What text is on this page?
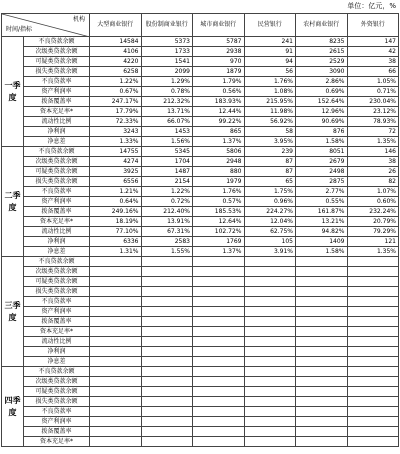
单位：亿元，%
机构
时间/指标		大型商业银行	股份制商业银行	城市商业银行	民营银行	农村商业银行	外资银行
一季度	不良贷款余额	14584	5373	5787	241	8235	147
	次级类贷款余额	4106	1733	2938	91	2615	42
	可疑类贷款余额	4220	1541	970	94	2529	38
	损失类贷款余额	6258	2099	1879	56	3090	66
	不良贷款率	1.22%	1.29%	1.79%	1.76%	2.86%	1.05%
	资产利润率	0.67%	0.78%	0.56%	1.08%	0.69%	0.71%
	拨备覆盖率	247.17%	212.32%	183.93%	215.95%	152.64%	230.04%
	资本充足率*	17.79%	13.71%	12.44%	11.98%	12.96%	23.12%
	流动性比例	72.33%	66.07%	99.22%	56.92%	90.69%	78.93%
	净利润	3243	1453	865	58	876	72
	净息差	1.33%	1.56%	1.37%	3.95%	1.58%	1.35%
二季度	不良贷款余额	14755	5345	5806	239	8051	146
	次级类贷款余额	4274	1704	2948	87	2679	38
	可疑类贷款余额	3925	1487	880	87	2498	26
	损失类贷款余额	6556	2154	1979	65	2875	82
	不良贷款率	1.21%	1.22%	1.76%	1.75%	2.77%	1.07%
	资产利润率	0.64%	0.72%	0.57%	0.96%	0.55%	0.60%
	拨备覆盖率	249.16%	212.40%	185.53%	224.27%	161.87%	232.24%
	资本充足率*	18.19%	13.91%	12.64%	12.04%	13.21%	20.79%
	流动性比例	77.10%	67.31%	102.72%	62.75%	94.82%	79.29%
	净利润	6336	2583	1769	105	1409	121
	净息差	1.31%	1.55%	1.37%	3.91%	1.58%	1.35%
三季度	不良贷款余额						
	次级类贷款余额						
	可疑类贷款余额						
	损失类贷款余额						
	不良贷款率						
	资产利润率						
	拨备覆盖率						
	资本充足率*						
	流动性比例						
	净利润						
	净息差						
四季度	不良贷款余额						
	次级类贷款余额						
	可疑类贷款余额						
	损失类贷款余额						
	不良贷款率						
	资产利润率						
	拨备覆盖率						
	资本充足率*						
